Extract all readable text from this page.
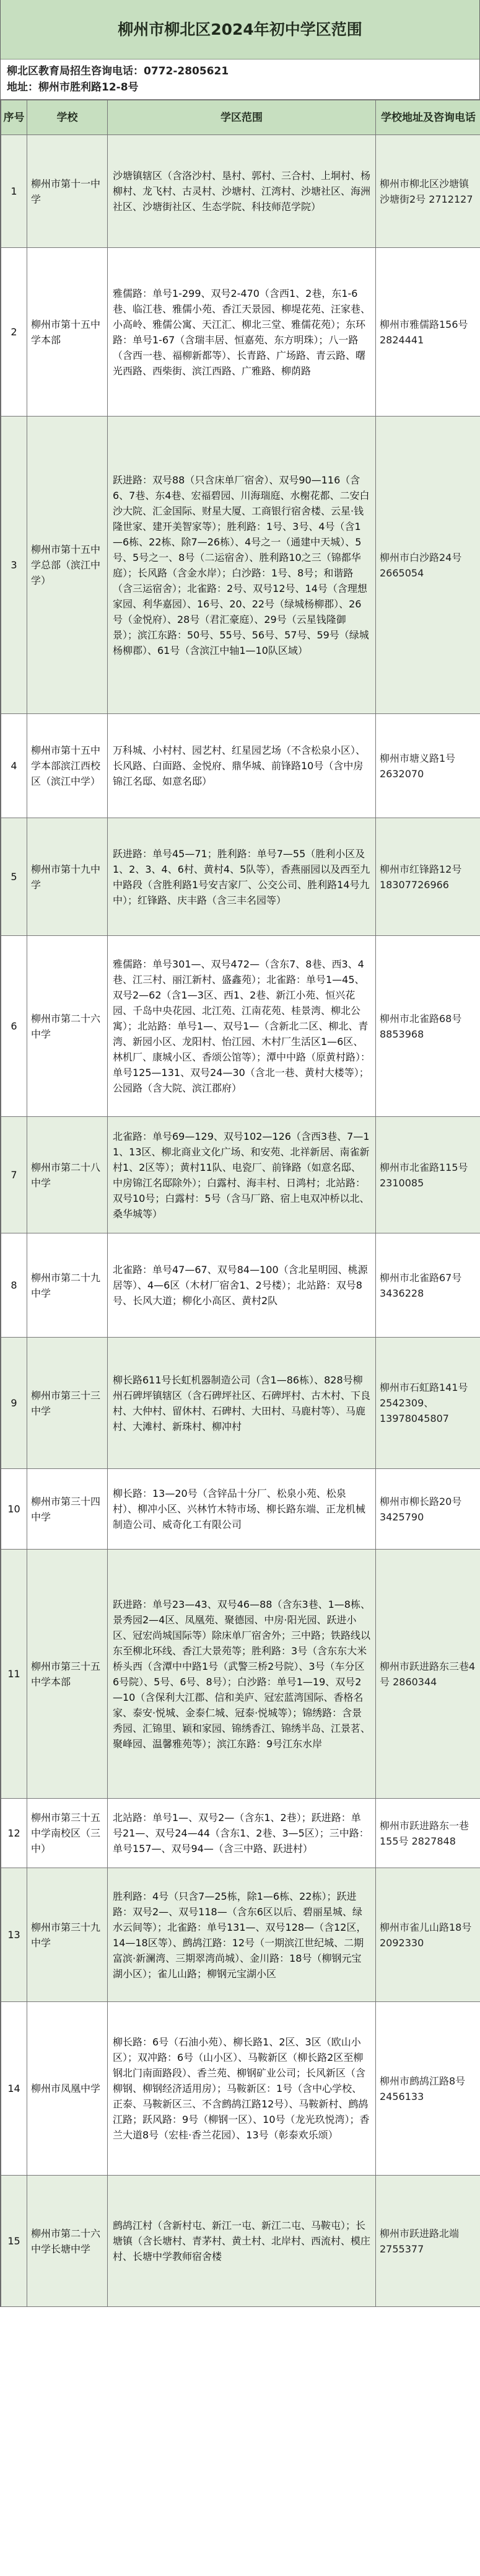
柳州市柳北区2024年初中学区范围
柳北区教育局招生咨询电话：0772-2805621
地址：柳州市胜利路12-8号
序号	学校	学区范围	学校地址及咨询电话
1	柳州市第十一中学	沙塘镇辖区（含洛沙村、垦村、郭村、三合村、上垌村、杨柳村、龙飞村、古灵村、沙塘村、江湾村、沙塘社区、海洲社区、沙塘街社区、生态学院、科技师范学院）	柳州市柳北区沙塘镇沙塘街2号 2712127
2	柳州市第十五中学本部	雅儒路：单号1-299、双号2-470（含西1、2巷，东1-6巷、临江巷、雅儒小苑、香江天景园、柳堤花苑、汪家巷、小高岭、雅儒公寓、天江汇、柳北三堂、雅儒花苑）；东环路：单号1-67（含瑞丰居、恒嘉苑、东方明珠）；八一路（含西一巷、福柳新都等）、长青路、广场路、青云路、曙光西路、西柴街、滨江西路、广雅路、柳荫路	柳州市雅儒路156号 2824441
3	柳州市第十五中学总部（滨江中学）	跃进路：双号88（只含床单厂宿舍）、双号90—116（含6、7巷、东4巷、宏福碧园、川海瑞庭、水榭花都、二安白沙大院、汇金国际、财星大厦、工商银行宿舍楼、云星·钱隆世家、建开美智家等）；胜利路：1号、3号、4号（含1—6栋、22栋、除7—26栋）、4号之一（通建中天城）、5号、5号之一、8号（二运宿舍）、胜利路10之三（锦都华庭）；长风路（含金水岸）；白沙路：1号、8号；和谐路（含三运宿舍）；北雀路：2号、双号12号、14号（含理想家园、利华嘉园）、16号、20、22号（绿城杨柳郡）、26号（金悦府）、28号（君汇豪庭）、29号（云星钱隆御景）；滨江东路：50号、55号、56号、57号、59号（绿城杨柳郡）、61号（含滨江中轴1—10队区域）	柳州市白沙路24号 2665054
4	柳州市第十五中学本部滨江西校区（滨江中学）	万科城、小村村、园艺村、红星园艺场（不含松泉小区）、长风路、白面路、金悦府、鼎华城、前锋路10号（含中房锦江名邸、如意名邸）	柳州市塘义路1号 2632070
5	柳州市第十九中学	跃进路：单号45—71；胜利路：单号7—55（胜利小区及1、2、3、4、6村、黄村4、5队等），香燕丽园以及西至九中路段（含胜利路1号安吉家厂、公交公司、胜利路14号九中）；红锋路、庆丰路（含三丰名园等）	柳州市红锋路12号 18307726966
6	柳州市第二十六中学	雅儒路：单号301—、双号472—（含东7、8巷、西3、4巷、江三村、丽江新村、盛鑫苑）；北雀路：单号1—45、双号2—62（含1—3区、西1、2巷、新江小苑、恒兴花园、千岛中央花园、北江苑、江南花苑、桂景湾、柳北公寓）；北站路：单号1—、双号1—（含新北二区、柳北、青湾、新园小区、龙阳村、怡江园、木村厂生活区1—6区、林机厂、康城小区、香颂公馆等）；潭中中路（原黄村路）：单号125—131、双号24—30（含北一巷、黄村大楼等）；公园路（含大院、滨江郡府）	柳州市北雀路68号 8853968
7	柳州市第二十八中学	北雀路：单号69—129、双号102—126（含西3巷、7—11、13区、柳北商业文化广场、和安苑、北祥新居、南雀新村1、2区等）；黄村11队、电瓷厂、前锋路（如意名邸、中房锦江名邸除外）；白露村、海丰村、日鸿村；北站路：双号10号；白露村：5号（含马厂路、宿上电双冲桥以北、桑华城等）	柳州市北雀路115号 2310085
8	柳州市第二十九中学	北雀路：单号47—67、双号84—100（含北星明园、桃源居等）、4—6区（木材厂宿舍1、2号楼）；北站路：双号8号、长风大道；柳化小高区、黄村2队	柳州市北雀路67号 3436228
9	柳州市第三十三中学	柳长路611号长虹机器制造公司（含1—86栋）、828号柳州石碑坪镇辖区（含石碑坪社区、石碑坪村、古木村、下良村、大仲村、留休村、石碑村、大田村、马鹿村等）、马鹿村、大滩村、新珠村、柳冲村	柳州市石虹路141号 2542309、13978045807
10	柳州市第三十四中学	柳长路：13—20号（含锌品十分厂、松泉小苑、松泉村）、柳冲小区、兴林竹木特市场、柳长路东端、正龙机械制造公司、威奇化工有限公司	柳州市柳长路20号 3425790
11	柳州市第三十五中学本部	跃进路：单号23—43、双号46—88（含东3巷、1—8栋、景秀园2—4区、凤凰苑、聚德园、中房·阳光园、跃进小区、冠宏尚城国际等）除床单厂宿舍外；三中路；铁路线以东至柳北环线、香江大景苑等；胜利路：3号（含东东大米桥头西（含潭中中路1号（武警三桥2号院）、3号（车分区6号院）、5号、6号、8号）；白沙路：单号1—19、双号2—10（含保利大江郡、信和美庐、冠宏蓝湾国际、香格名家、泰安·悦城、金泰仁城、冠泰·悦城等）；锦绣路：含景秀园、汇锦里、颖和家园、锦绣香江、锦绣半岛、江景茗、聚峰园、温馨雅苑等）；滨江东路：9号江东水岸	柳州市跃进路东三巷4号 2860344
12	柳州市第三十五中学南校区（三中）	北站路：单号1—、双号2—（含东1、2巷）；跃进路：单号21—、双号24—44（含东1、2巷、3—5区）；三中路：单号157—、双号94—（含三中路、跃进村）	柳州市跃进路东一巷155号 2827848
13	柳州市第三十九中学	胜利路：4号（只含7—25栋，除1—6栋、22栋）；跃进路：双号2—、双号118—（含东6区以后、碧丽星城、绿水云间等）；北雀路：单号131—、双号128—（含12区，14—18区等）、鹧鸪江路：12号（一期滨江世纪城、二期富滨·新澜湾、三期翠湾尚城）、金川路：18号（柳钢元宝湖小区）；雀儿山路；柳钢元宝湖小区	柳州市雀儿山路18号 2092330
14	柳州市凤凰中学	柳长路：6号（石油小苑）、柳长路1、2区、3区（欧山小区）；双冲路：6号（山小区）、马鞍新区（柳长路2区至柳钢北门南面路段）、香兰苑、柳钢矿业公司；长风新区（含柳钢、柳钢经济适用房）；马鞍新区：1号（含中心学校、正泰、马鞍新区三、不含鹧鸪江路12号）、马鞍新村、鹧鸪江路；跃风路：9号（柳钢一区）、10号（龙光玖悦湾）；香兰大道8号（宏桂·香兰花园）、13号（彰泰欢乐颂）	柳州市鹧鸪江路8号 2456133
15	柳州市第二十六中学长塘中学	鹧鸪江村（含新村屯、新江一屯、新江二屯、马鞍屯）；长塘镇（含长塘村、青茅村、黄土村、北岸村、西流村、模庄村、长塘中学教师宿舍楼	柳州市跃进路北端 2755377
